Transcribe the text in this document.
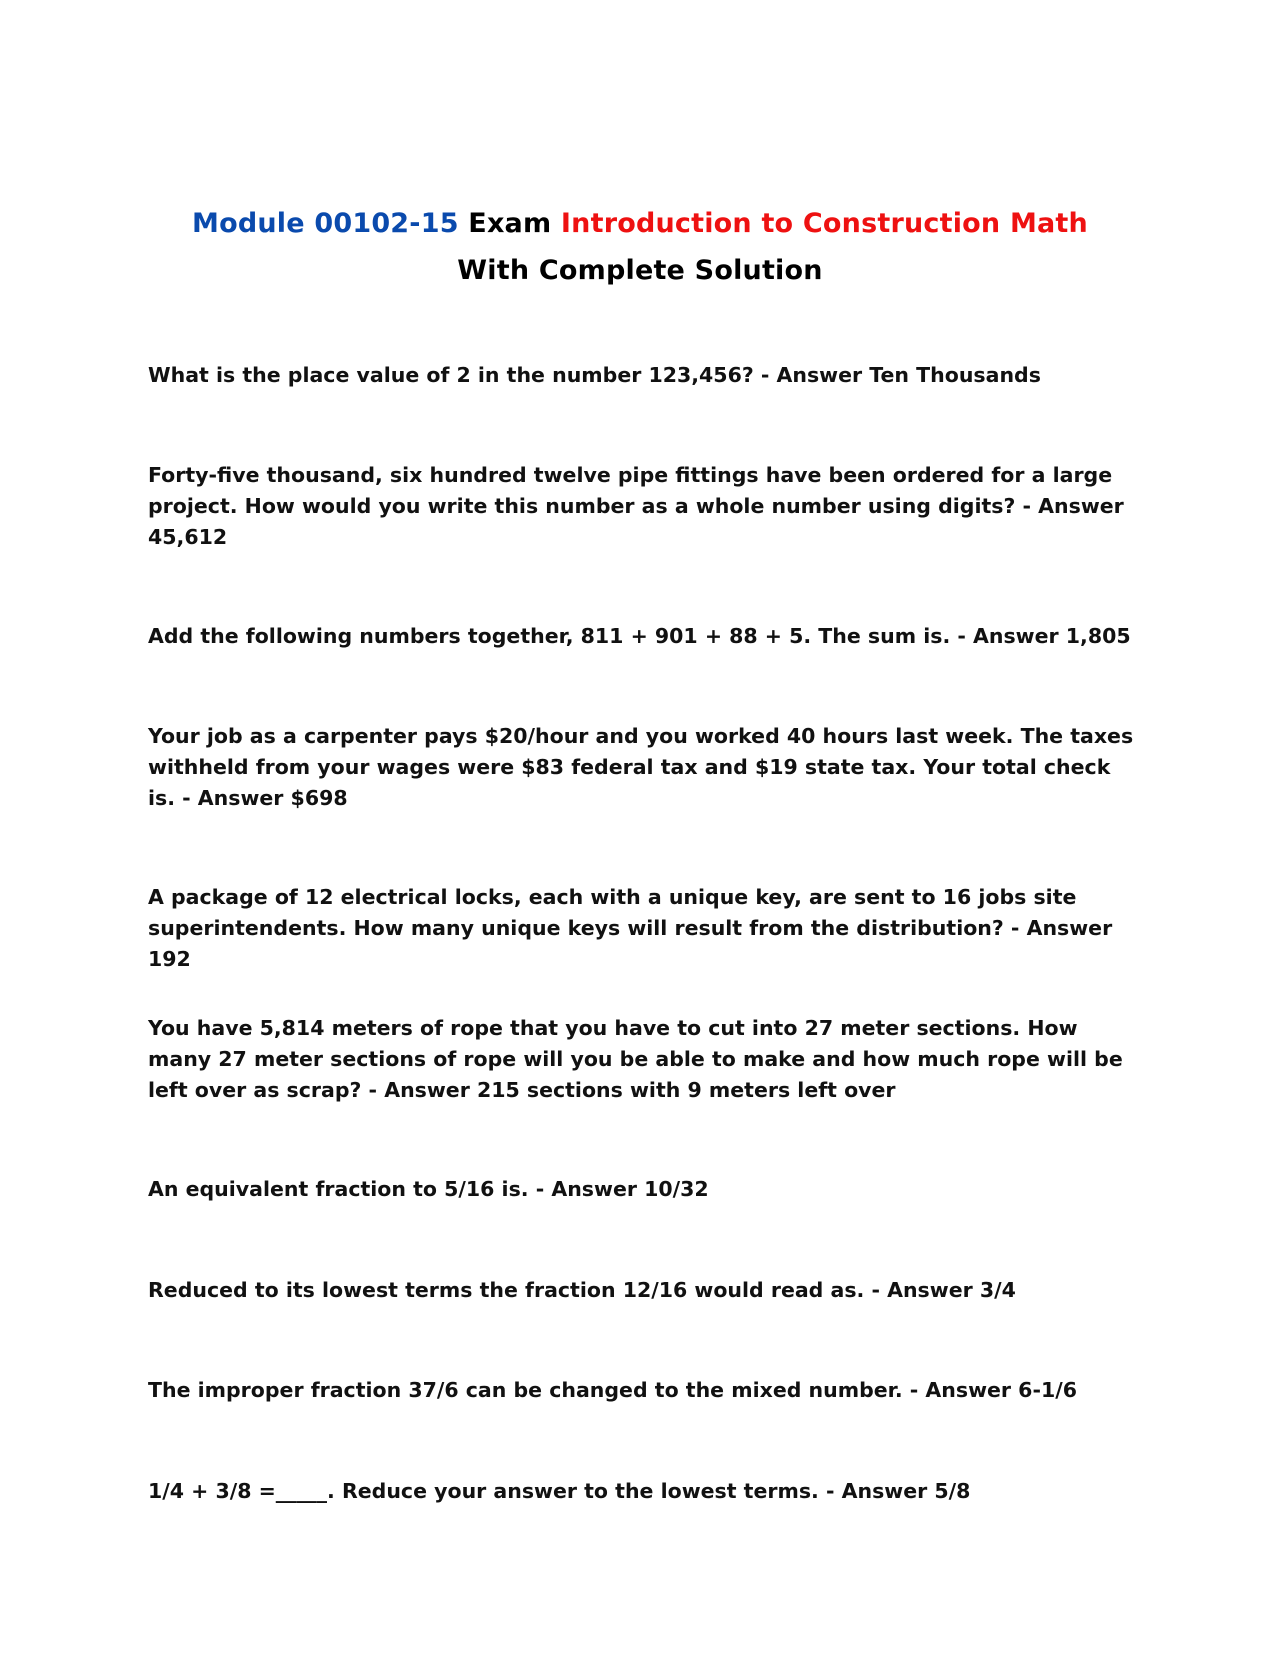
Module 00102-15 Exam Introduction to Construction Math
With Complete Solution

What is the place value of 2 in the number 123,456? - Answer Ten Thousands

Forty-five thousand, six hundred twelve pipe fittings have been ordered for a large project. How would you write this number as a whole number using digits? - Answer 45,612

Add the following numbers together, 811 + 901 + 88 + 5. The sum is. - Answer 1,805

Your job as a carpenter pays $20/hour and you worked 40 hours last week. The taxes withheld from your wages were $83 federal tax and $19 state tax. Your total check is. - Answer $698

A package of 12 electrical locks, each with a unique key, are sent to 16 jobs site superintendents. How many unique keys will result from the distribution? - Answer 192

You have 5,814 meters of rope that you have to cut into 27 meter sections. How many 27 meter sections of rope will you be able to make and how much rope will be left over as scrap? - Answer 215 sections with 9 meters left over

An equivalent fraction to 5/16 is. - Answer 10/32

Reduced to its lowest terms the fraction 12/16 would read as. - Answer 3/4

The improper fraction 37/6 can be changed to the mixed number. - Answer 6-1/6

1/4 + 3/8 =_____. Reduce your answer to the lowest terms. - Answer 5/8
